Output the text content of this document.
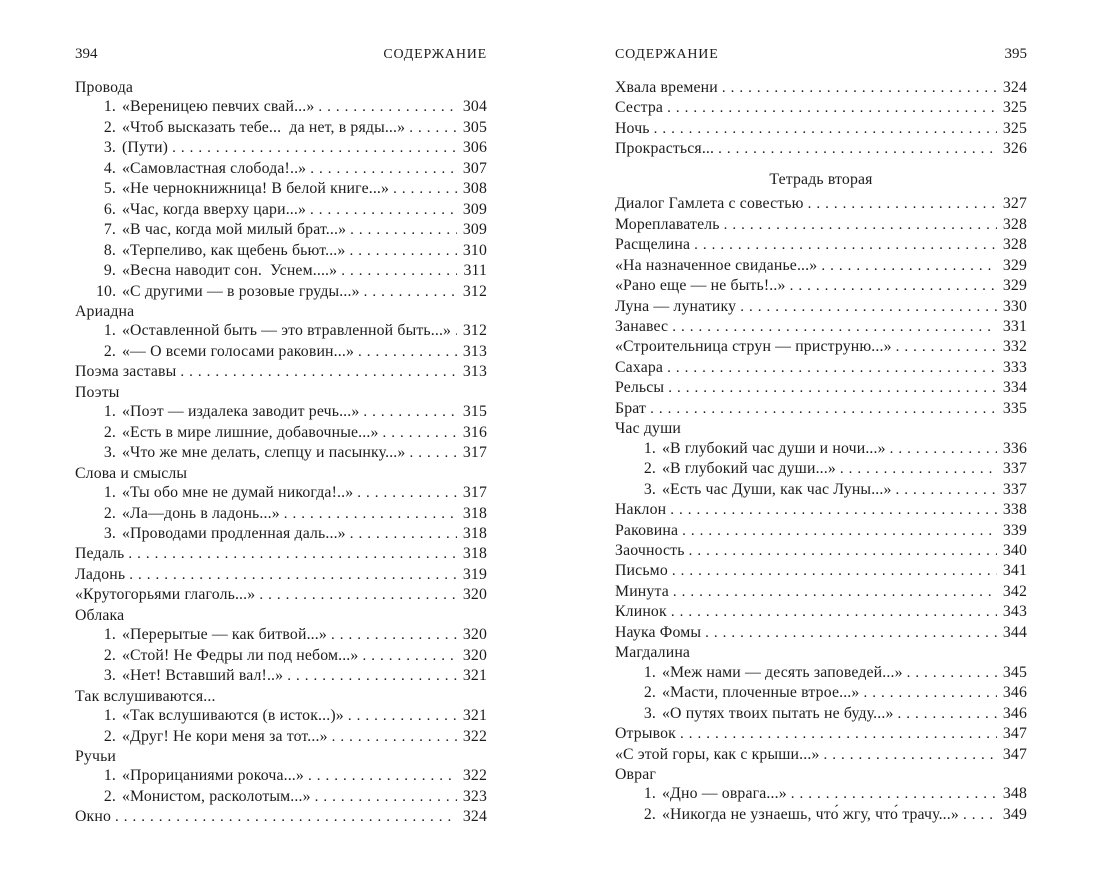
394	СОДЕРЖАНИЕ
Провода
1. «Вереницею певчих свай...» .....	304
2. «Чтоб высказать тебе...  да нет, в ряды...» .....	305
3. (Пути) .....	306
4. «Самовластная слобода!..» .....	307
5. «Не чернокнижница! В белой книге...» .....	308
6. «Час, когда вверху цари...» .....	309
7. «В час, когда мой милый брат...» .....	309
8. «Терпеливо, как щебень бьют...» .....	310
9. «Весна наводит сон.  Уснем....» .....	311
10. «С другими — в розовые груды...» .....	312
Ариадна
1. «Оставленной быть — это втравленной быть...» ..... 312
2. «— О всеми голосами раковин...» .....	313
Поэма заставы .....	313
Поэты
1. «Поэт — издалека заводит речь...» .....	315
2. «Есть в мире лишние, добавочные...» .....	316
3. «Что же мне делать, слепцу и пасынку...» .....	317
Слова и смыслы
1. «Ты обо мне не думай никогда!..» .....	317
2. «Ла—донь в ладонь...» .....	318
3. «Проводами продленная даль...» .....	318
Педаль .....	318
Ладонь .....	319
«Крутогорьями глаголь...» .....	320
Облака
1. «Перерытые — как битвой...» .....	320
2. «Стой! Не Федры ли под небом...» .....	320
3. «Нет! Вставший вал!..» .....	321
Так вслушиваются...
1. «Так вслушиваются (в исток...)» .....	321
2. «Друг! Не кори меня за тот...» .....	322
Ручьи
1. «Прорицаниями рокоча...» .....	322
2. «Монистом, расколотым...» .....	323
Окно .....	324
СОДЕРЖАНИЕ	395
Хвала времени .....	324
Сестра .....	325
Ночь .....	325
Прокрасться... .....	326
Тетрадь вторая
Диалог Гамлета с совестью .....	327
Мореплаватель .....	328
Расщелина .....	328
«На назначенное свиданье...» .....	329
«Рано еще — не быть!..» .....	329
Луна — лунатику .....	330
Занавес .....	331
«Строительница струн — приструню...» .....	332
Сахара .....	333
Рельсы .....	334
Брат .....	335
Час души
1. «В глубокий час души и ночи...» .....	336
2. «В глубокий час души...» .....	337
3. «Есть час Души, как час Луны...» .....	337
Наклон .....	338
Раковина .....	339
Заочность .....	340
Письмо .....	341
Минута .....	342
Клинок .....	343
Наука Фомы .....	344
Магдалина
1. «Меж нами — десять заповедей...» .....	345
2. «Масти, плоченные втрое...» .....	346
3. «О путях твоих пытать не буду...» .....	346
Отрывок .....	347
«С этой горы, как с крыши...» .....	347
Овраг
1. «Дно — оврага...» .....	348
2. «Никогда не узнаешь, что́ жгу, что́ трачу...» .....	349
